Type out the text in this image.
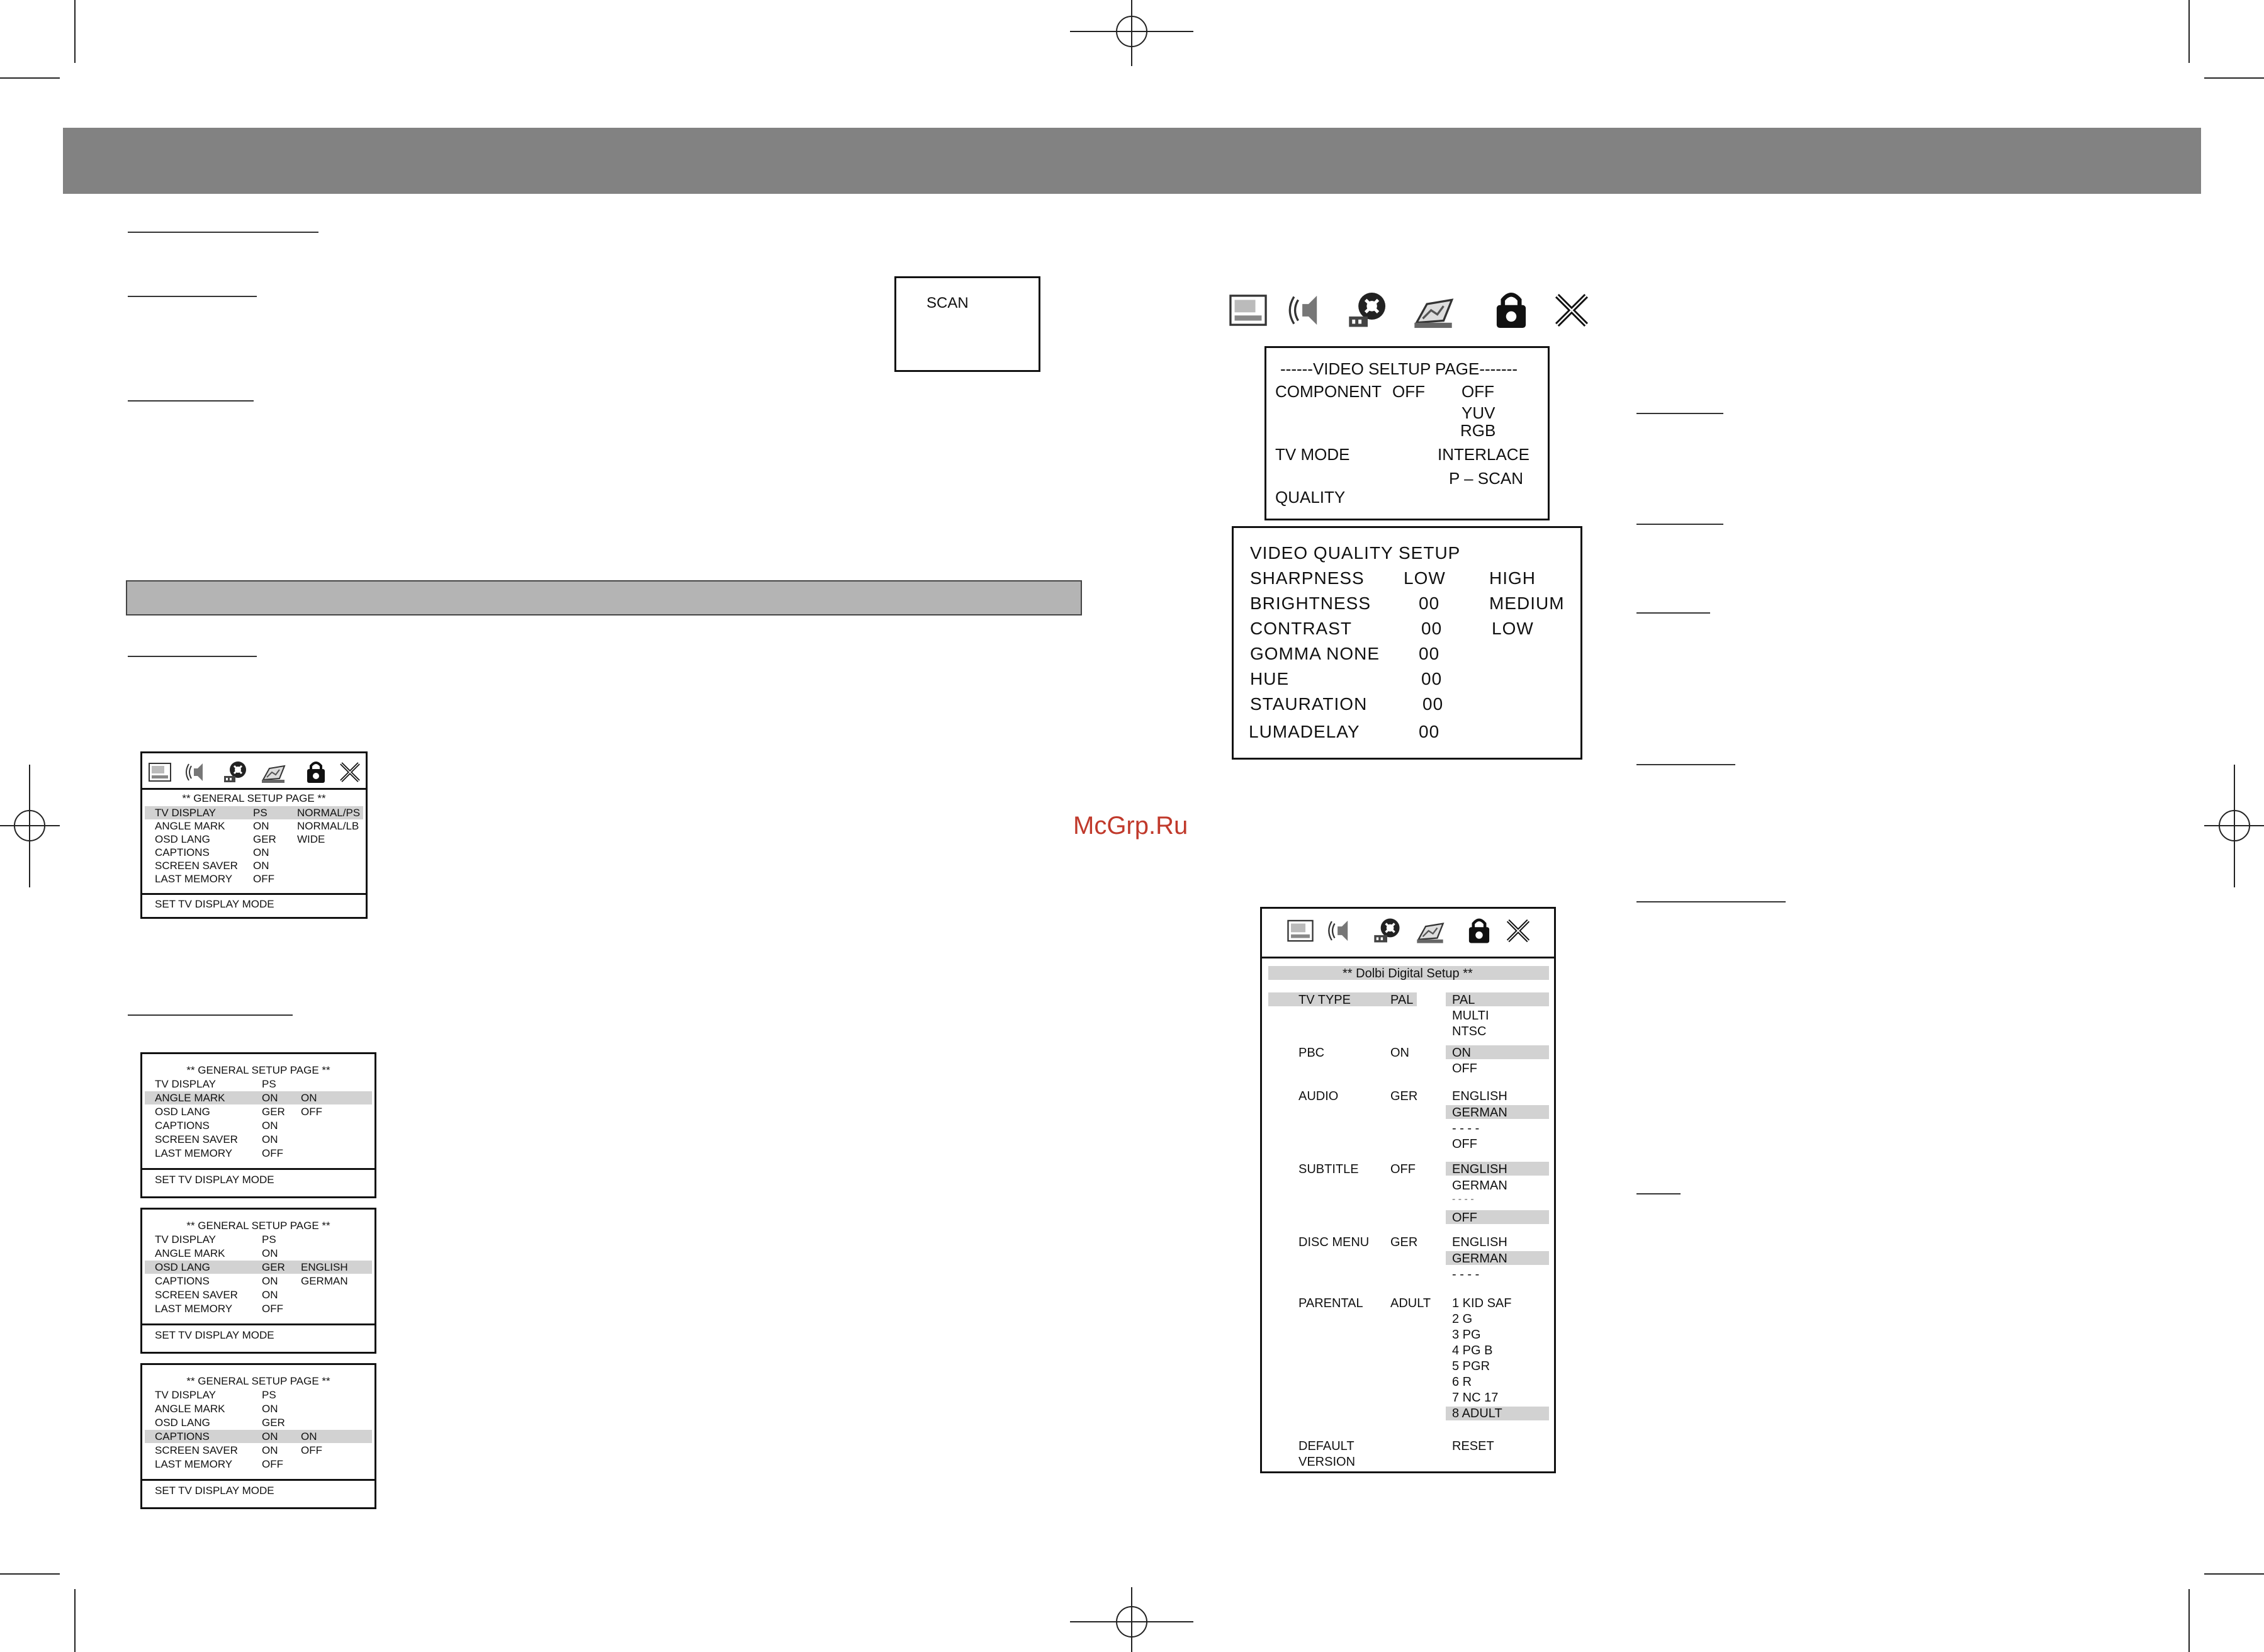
SCAN
McGrp.Ru
** GENERAL SETUP PAGE **
TV DISPLAY	PS	NORMAL/PS
ANGLE MARK	ON	NORMAL/LB
OSD LANG	GER WIDE
CAPTIONS	ON
SCREEN SAVER ON
LAST MEMORY OFF
SET TV DISPLAY MODE
** GENERAL SETUP PAGE **
TV DISPLAY	PS
ANGLE MARK	ON ON
OSD LANG	GER OFF
CAPTIONS	ON
SCREEN SAVER ON
LAST MEMORY	OFF
SET TV DISPLAY MODE
** GENERAL SETUP PAGE **
TV DISPLAY	PS
ANGLE MARK	ON
OSD LANG	GER ENGLISH
CAPTIONS	ON GERMAN
SCREEN SAVER ON
LAST MEMORY	OFF
SET TV DISPLAY MODE
** GENERAL SETUP PAGE **
TV DISPLAY	PS
ANGLE MARK	ON
OSD LANG	GER
CAPTIONS	ON ON
SCREEN SAVER ON OFF
LAST MEMORY	OFF
SET TV DISPLAY MODE
------VIDEO SELTUP PAGE-------
COMPONENT OFF OFF
YUV
RGB
TV MODE	INTERLACE
P – SCAN
QUALITY
VIDEO QUALITY SETUP
SHARPNESS LOW HIGH
BRIGHTNESS	00	MEDIUM
CONTRAST	00	LOW
GOMMA NONE 00
HUE	00
STAURATION	00
LUMADELAY	00
** Dolbi Digital Setup **
TV TYPE	PAL	PAL
MULTI
NTSC
PBC	ON	ON
OFF
AUDIO	GER	ENGLISH
GERMAN
- - - -
OFF
SUBTITLE	OFF	ENGLISH
GERMAN
- - - -
OFF
DISC MENU GER	ENGLISH
GERMAN
- - - -
PARENTAL ADULT 1 KID SAF
2 G
3 PG
4 PG B
5 PGR
6 R
7 NC 17
8 ADULT
DEFAULT	RESET
VERSION
